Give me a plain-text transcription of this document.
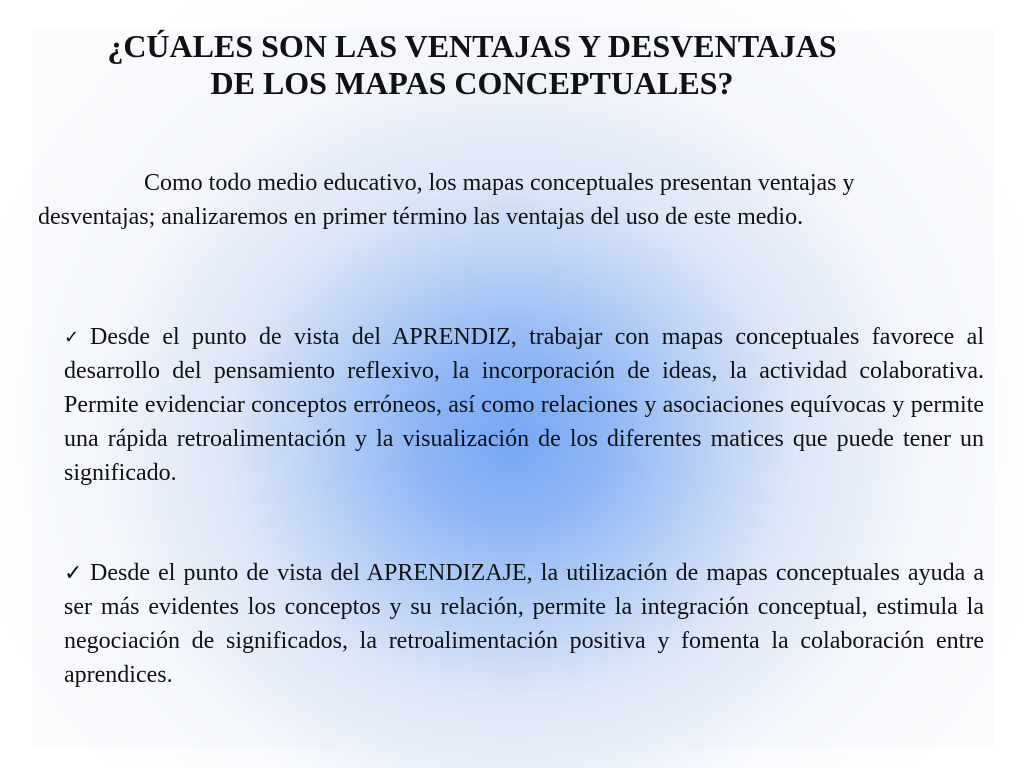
¿CÚALES SON LAS VENTAJAS Y DESVENTAJAS
DE LOS MAPAS CONCEPTUALES?

Como todo medio educativo, los mapas conceptuales presentan ventajas y desventajas; analizaremos en primer término las ventajas del uso de este medio.

✓ Desde el punto de vista del APRENDIZ, trabajar con mapas conceptuales favorece al desarrollo del pensamiento reflexivo, la incorporación de ideas, la actividad colaborativa. Permite evidenciar conceptos erróneos, así como relaciones y asociaciones equívocas y permite una rápida retroalimentación y la visualización de los diferentes matices que puede tener un significado.

✓ Desde el punto de vista del APRENDIZAJE, la utilización de mapas conceptuales ayuda a ser más evidentes los conceptos y su relación, permite la integración conceptual, estimula la negociación de significados, la retroalimentación positiva y fomenta la colaboración entre aprendices.
